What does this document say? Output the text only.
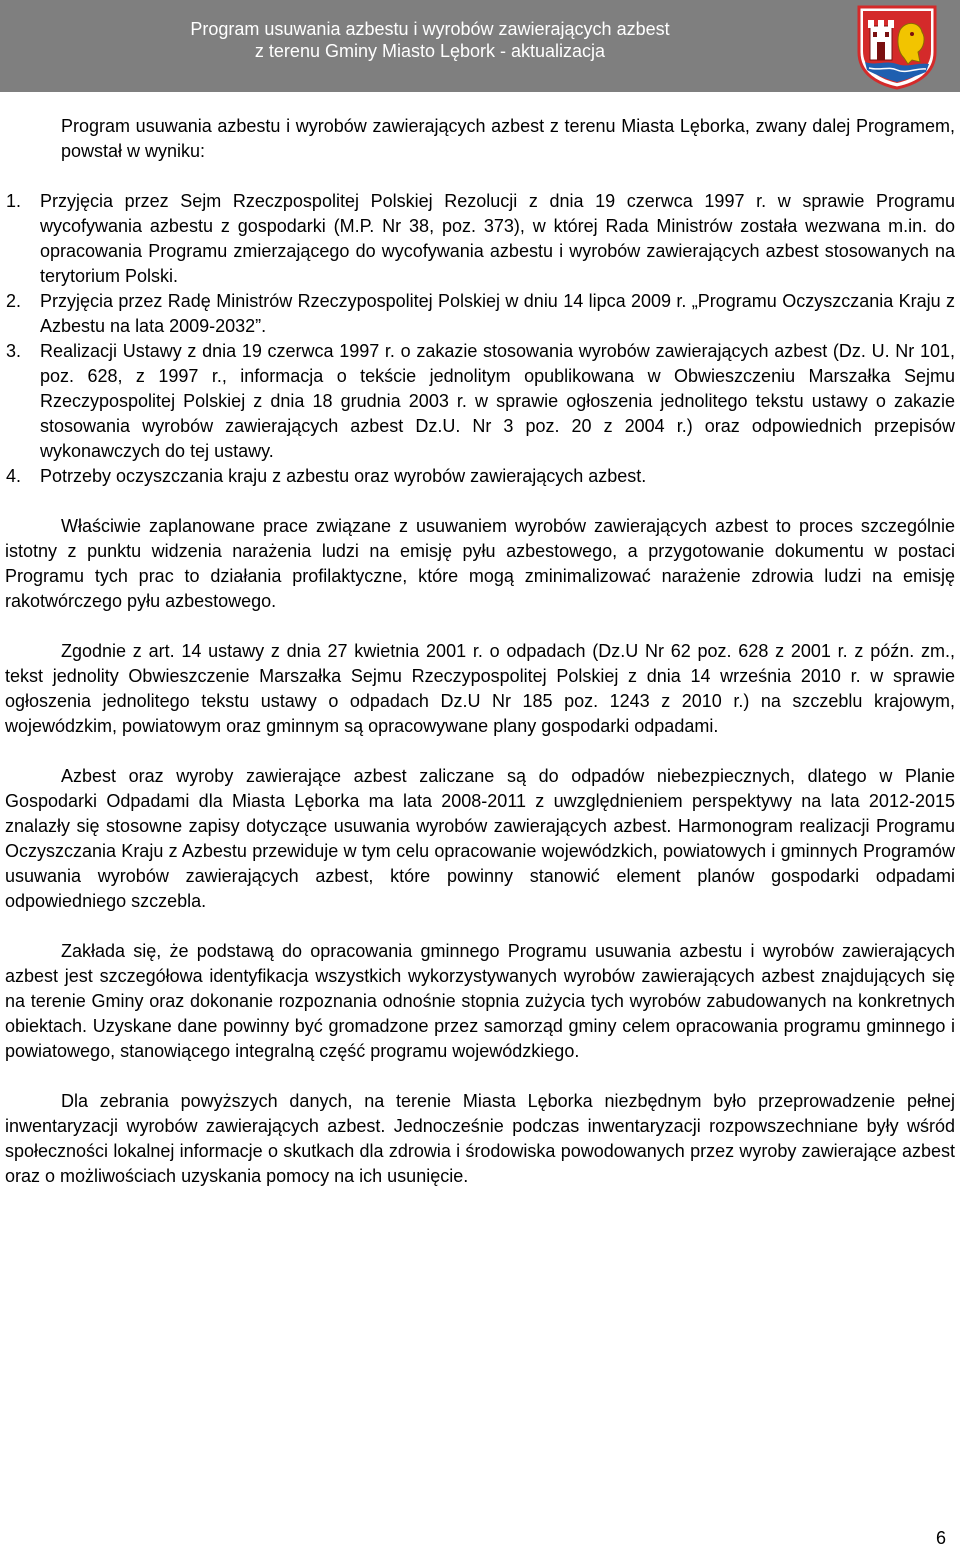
Program usuwania azbestu i wyrobów zawierających azbest
z terenu Gminy Miasto Lębork - aktualizacja

Program usuwania azbestu i wyrobów zawierających azbest z terenu Miasta Lęborka, zwany dalej Programem, powstał w wyniku:

1. Przyjęcia przez Sejm Rzeczpospolitej Polskiej Rezolucji z dnia 19 czerwca 1997 r. w sprawie Programu wycofywania azbestu z gospodarki (M.P. Nr 38, poz. 373), w której Rada Ministrów została wezwana m.in. do opracowania Programu zmierzającego do wycofywania azbestu i wyrobów zawierających azbest stosowanych na terytorium Polski.
2. Przyjęcia przez Radę Ministrów Rzeczypospolitej Polskiej w dniu 14 lipca 2009 r. „Programu Oczyszczania Kraju z Azbestu na lata 2009-2032”.
3. Realizacji Ustawy z dnia 19 czerwca 1997 r. o zakazie stosowania wyrobów zawierających azbest (Dz. U. Nr 101, poz. 628, z 1997 r., informacja o tekście jednolitym opublikowana w Obwieszczeniu Marszałka Sejmu Rzeczypospolitej Polskiej z dnia 18 grudnia 2003 r. w sprawie ogłoszenia jednolitego tekstu ustawy o zakazie stosowania wyrobów zawierających azbest Dz.U. Nr 3 poz. 20 z 2004 r.) oraz odpowiednich przepisów wykonawczych do tej ustawy.
4. Potrzeby oczyszczania kraju z azbestu oraz wyrobów zawierających azbest.

Właściwie zaplanowane prace związane z usuwaniem wyrobów zawierających azbest to proces szczególnie istotny z punktu widzenia narażenia ludzi na emisję pyłu azbestowego, a przygotowanie dokumentu w postaci Programu tych prac to działania profilaktyczne, które mogą zminimalizować narażenie zdrowia ludzi na emisję rakotwórczego pyłu azbestowego.

Zgodnie z art. 14 ustawy z dnia 27 kwietnia 2001 r. o odpadach (Dz.U Nr 62 poz. 628 z 2001 r. z późn. zm., tekst jednolity Obwieszczenie Marszałka Sejmu Rzeczypospolitej Polskiej z dnia 14 września 2010 r. w sprawie ogłoszenia jednolitego tekstu ustawy o odpadach Dz.U Nr 185 poz. 1243 z 2010 r.) na szczeblu krajowym, wojewódzkim, powiatowym oraz gminnym są opracowywane plany gospodarki odpadami.

Azbest oraz wyroby zawierające azbest zaliczane są do odpadów niebezpiecznych, dlatego w Planie Gospodarki Odpadami dla Miasta Lęborka ma lata 2008-2011 z uwzględnieniem perspektywy na lata 2012-2015 znalazły się stosowne zapisy dotyczące usuwania wyrobów zawierających azbest. Harmonogram realizacji Programu Oczyszczania Kraju z Azbestu przewiduje w tym celu opracowanie wojewódzkich, powiatowych i gminnych Programów usuwania wyrobów zawierających azbest, które powinny stanowić element planów gospodarki odpadami odpowiedniego szczebla.

Zakłada się, że podstawą do opracowania gminnego Programu usuwania azbestu i wyrobów zawierających azbest jest szczegółowa identyfikacja wszystkich wykorzystywanych wyrobów zawierających azbest znajdujących się na terenie Gminy oraz dokonanie rozpoznania odnośnie stopnia zużycia tych wyrobów zabudowanych na konkretnych obiektach. Uzyskane dane powinny być gromadzone przez samorząd gminy celem opracowania programu gminnego i powiatowego, stanowiącego integralną część programu wojewódzkiego.

Dla zebrania powyższych danych, na terenie Miasta Lęborka niezbędnym było przeprowadzenie pełnej inwentaryzacji wyrobów zawierających azbest. Jednocześnie podczas inwentaryzacji rozpowszechniane były wśród społeczności lokalnej informacje o skutkach dla zdrowia i środowiska powodowanych przez wyroby zawierające azbest oraz o możliwościach uzyskania pomocy na ich usunięcie.

6
